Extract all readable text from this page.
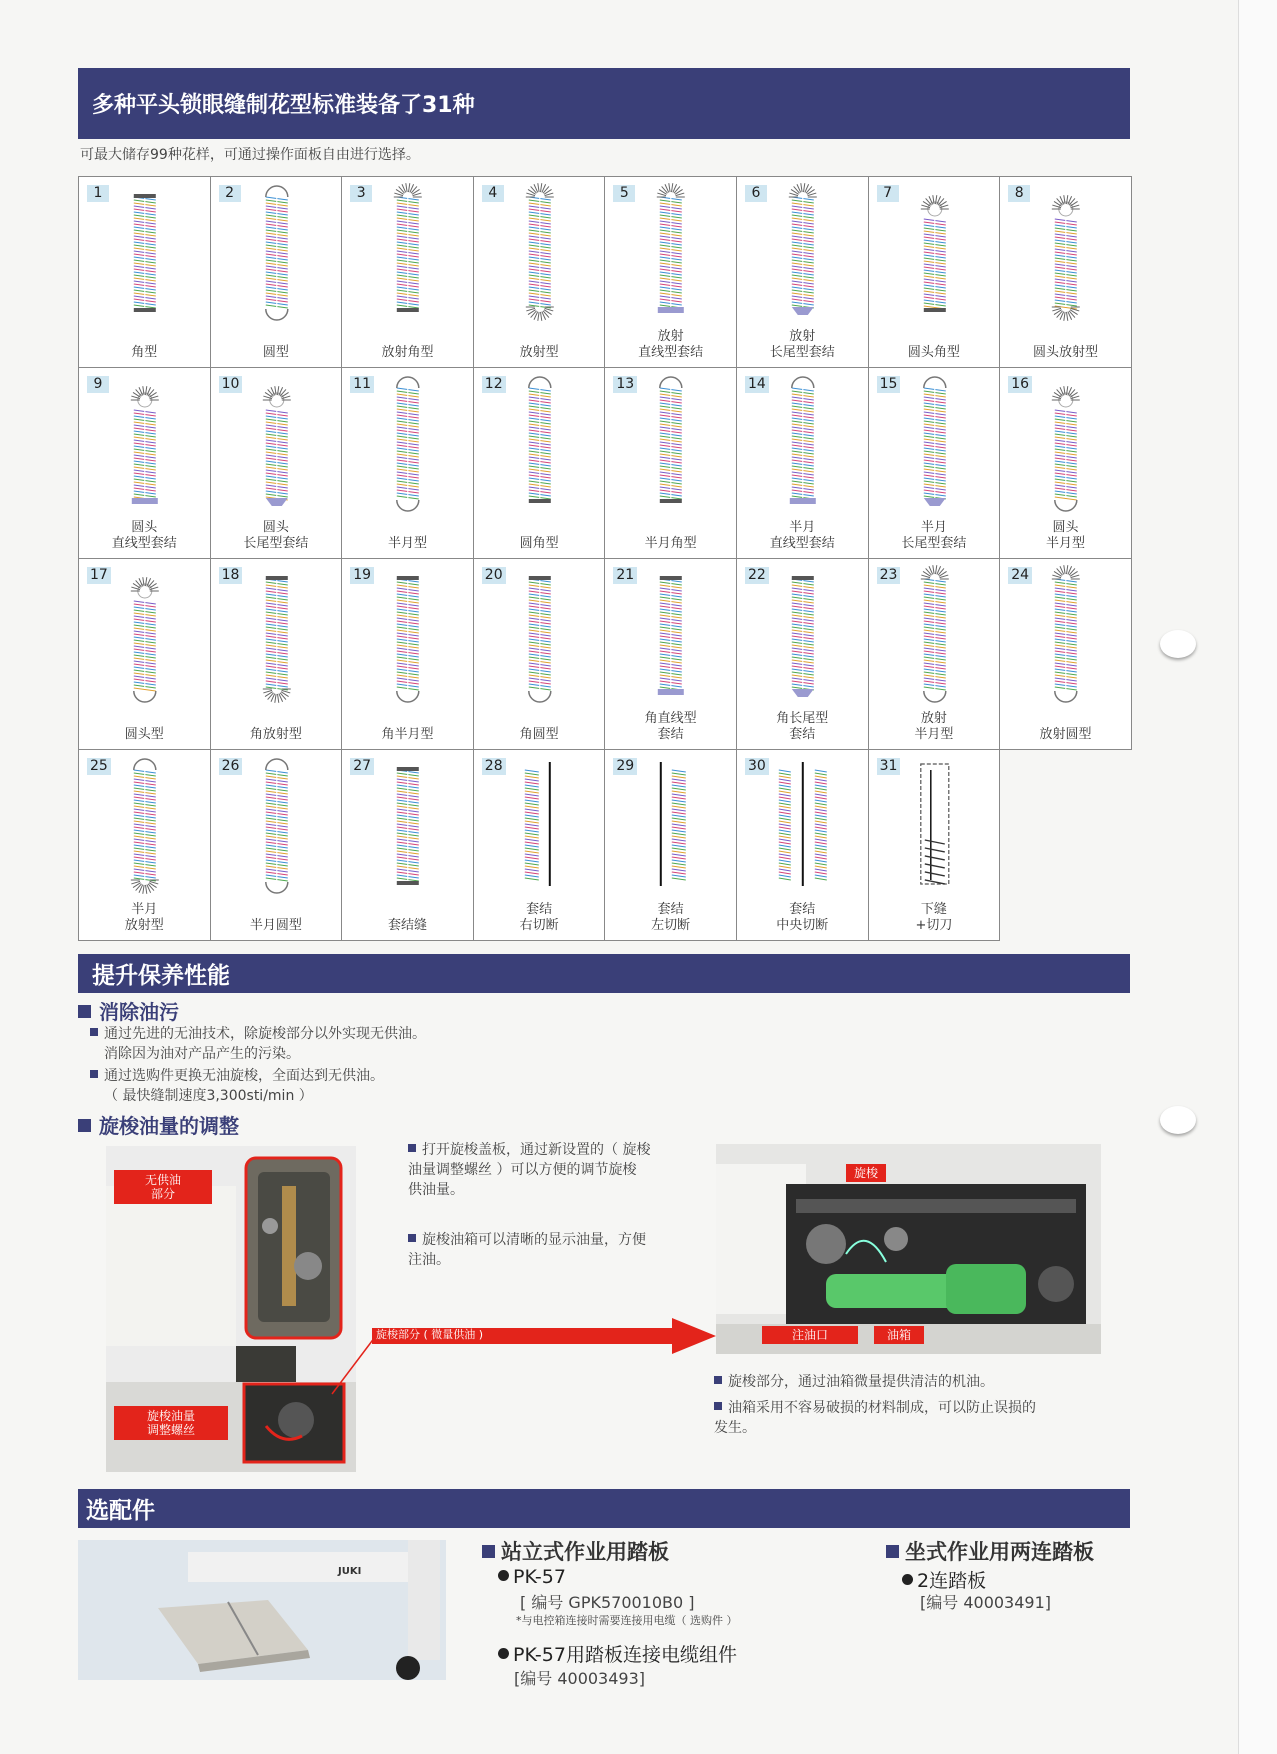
多种平头锁眼缝制花型标准装备了31种
可最大储存99种花样，可通过操作面板自由进行选择。
1
角型
2
圆型
3
放射角型
4
放射型
5
放射
直线型套结
6
放射
长尾型套结
7
圆头角型
8
圆头放射型
9
圆头
直线型套结
10
圆头
长尾型套结
11
半月型
12
圆角型
13
半月角型
14
半月
直线型套结
15
半月
长尾型套结
16
圆头
半月型
17
圆头型
18
角放射型
19
角半月型
20
角圆型
21
角直线型
套结
22
角长尾型
套结
23
放射
半月型
24
放射圆型
25
半月
放射型
26
半月圆型
27
套结缝
28
套结
右切断
29
套结
左切断
30
套结
中央切断
31
下缝
+切刀
提升保养性能
消除油污
通过先进的无油技术，除旋梭部分以外实现无供油。
消除因为油对产品产生的污染。
通过选购件更换无油旋梭，全面达到无供油。
（ 最快缝制速度3,300sti/min ）
旋梭油量的调整
无供油
部分
旋梭油量
调整螺丝
旋梭部分 ( 微量供油 )
打开旋梭盖板，通过新设置的（ 旋梭
油量调整螺丝 ）可以方便的调节旋梭
供油量。
旋梭油箱可以清晰的显示油量，方便
注油。
旋梭
注油口	油箱
旋梭部分，通过油箱微量提供清洁的机油。
油箱采用不容易破损的材料制成，可以防止误损的
发生。
选配件
JUKI
站立式作业用踏板
PK-57
[ 编号 GPK570010B0 ]
*与电控箱连接时需要连接用电缆（ 选购件 ）
PK-57用踏板连接电缆组件
[编号 40003493]
坐式作业用两连踏板
2连踏板
[编号 40003491]
